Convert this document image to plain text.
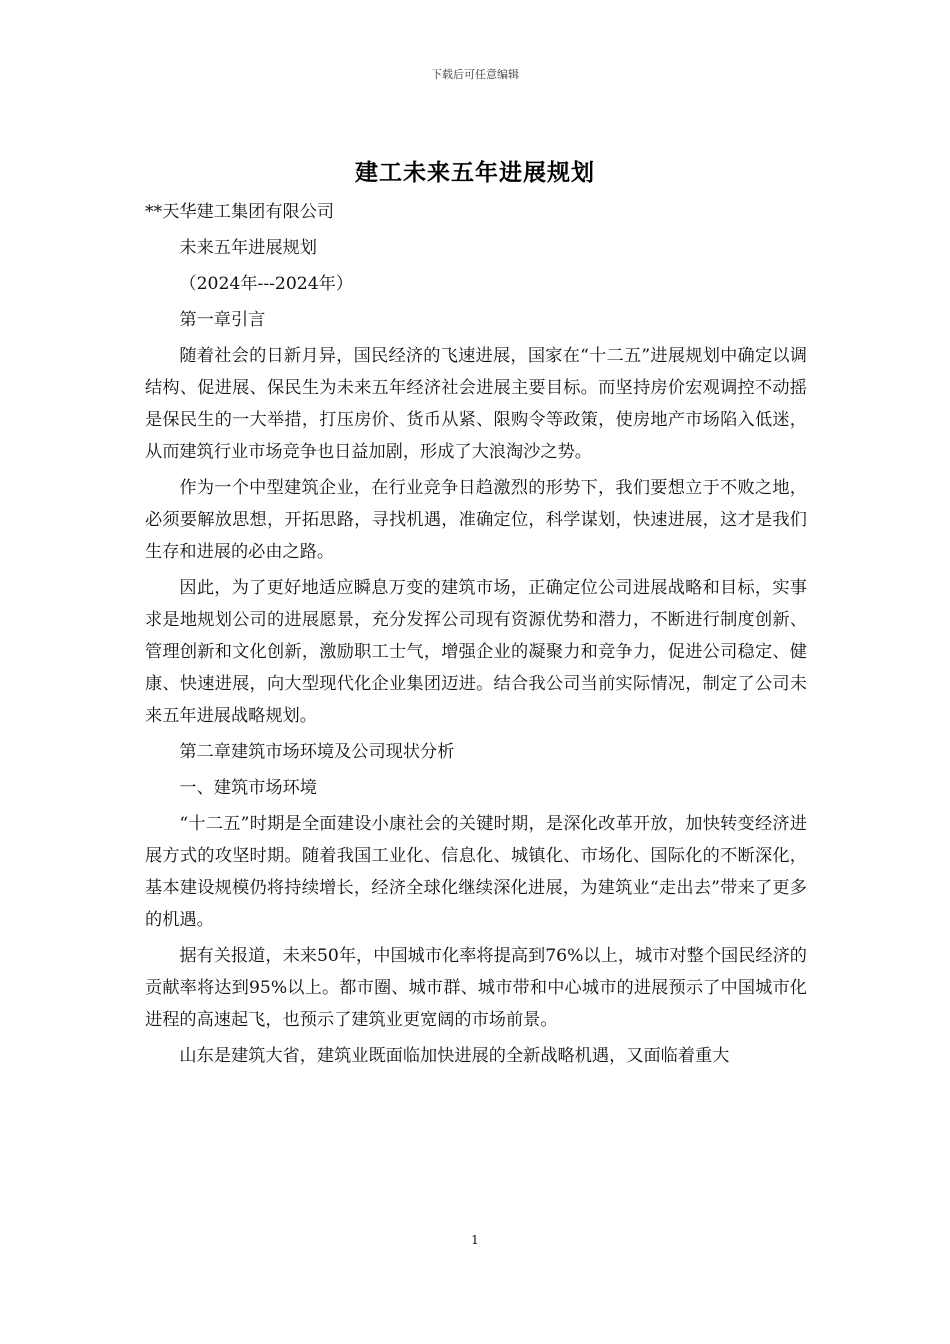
下载后可任意编辑
建工未来五年进展规划

**天华建工集团有限公司

未来五年进展规划

（2024年---2024年）

第一章引言

随着社会的日新月异，国民经济的飞速进展，国家在“十二五”进展规划中确定以调结构、促进展、保民生为未来五年经济社会进展主要目标。而坚持房价宏观调控不动摇是保民生的一大举措，打压房价、货币从紧、限购令等政策，使房地产市场陷入低迷，从而建筑行业市场竞争也日益加剧，形成了大浪淘沙之势。

作为一个中型建筑企业，在行业竞争日趋激烈的形势下，我们要想立于不败之地，必须要解放思想，开拓思路，寻找机遇，准确定位，科学谋划，快速进展，这才是我们生存和进展的必由之路。

因此，为了更好地适应瞬息万变的建筑市场，正确定位公司进展战略和目标，实事求是地规划公司的进展愿景，充分发挥公司现有资源优势和潜力，不断进行制度创新、管理创新和文化创新，激励职工士气，增强企业的凝聚力和竞争力，促进公司稳定、健康、快速进展，向大型现代化企业集团迈进。结合我公司当前实际情况，制定了公司未来五年进展战略规划。

第二章建筑市场环境及公司现状分析

一、建筑市场环境

“十二五”时期是全面建设小康社会的关键时期，是深化改革开放，加快转变经济进展方式的攻坚时期。随着我国工业化、信息化、城镇化、市场化、国际化的不断深化，基本建设规模仍将持续增长，经济全球化继续深化进展，为建筑业“走出去”带来了更多的机遇。

据有关报道，未来50年，中国城市化率将提高到76%以上，城市对整个国民经济的贡献率将达到95%以上。都市圈、城市群、城市带和中心城市的进展预示了中国城市化进程的高速起飞，也预示了建筑业更宽阔的市场前景。

山东是建筑大省，建筑业既面临加快进展的全新战略机遇，又面临着重大

1
